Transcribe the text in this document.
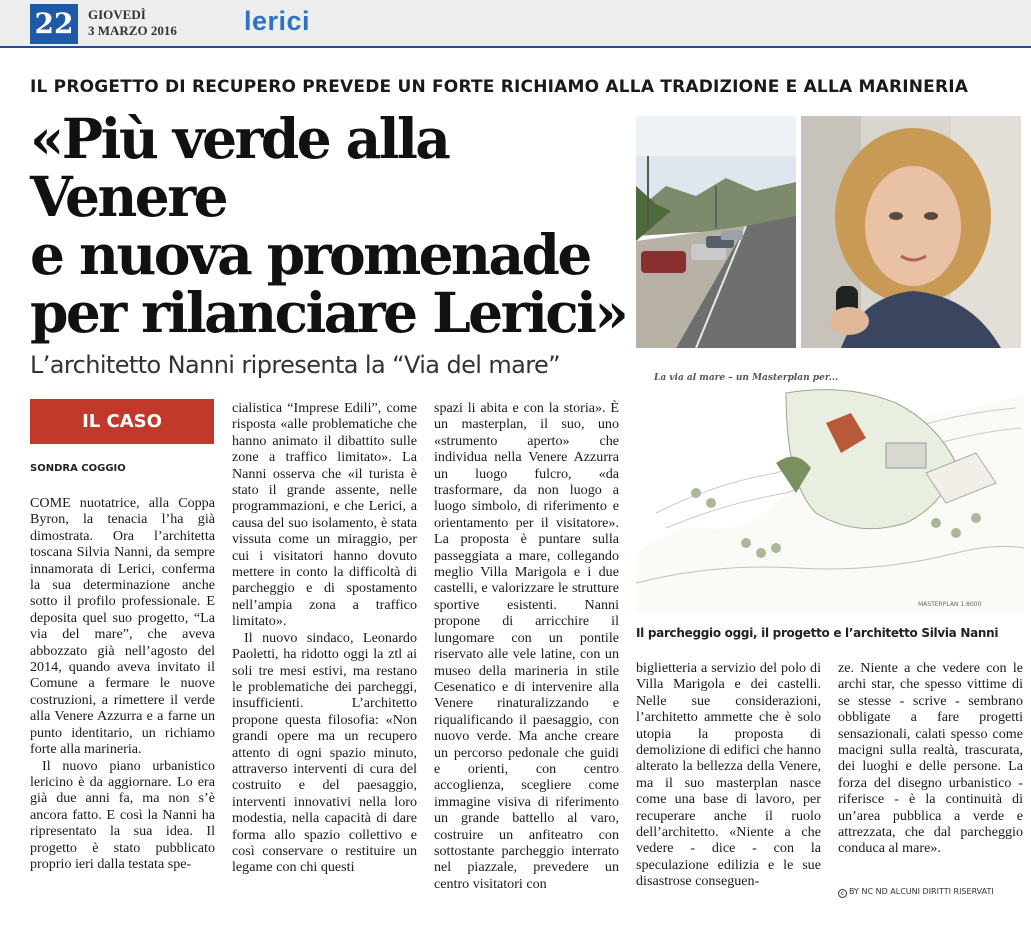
22	GIOVEDÌ
3 MARZO 2016 lerici
IL PROGETTO DI RECUPERO PREVEDE UN FORTE RICHIAMO ALLA TRADIZIONE E ALLA MARINERIA
«Più verde alla Venere
e nuova promenade
per rilanciare Lerici»
L’architetto Nanni ripresenta la “Via del mare”
IL CASO
SONDRA COGGIO

COME nuotatrice, alla Coppa Byron, la tenacia l’ha già dimostrata. Ora l’architetta toscana Silvia Nanni, da sempre innamorata di Lerici, conferma la sua determinazione anche sotto il profilo professionale. E deposita quel suo progetto, “La via del mare”, che aveva abbozzato già nell’agosto del 2014, quando aveva invitato il Comune a fermare le nuove costruzioni, a rimettere il verde alla Venere Azzurra e a farne un punto identitario, un richiamo forte alla marineria.

Il nuovo piano urbanistico lericino è da aggiornare. Lo era già due anni fa, ma non s’è ancora fatto. E così la Nanni ha ripresentato la sua idea. Il progetto è stato pubblicato proprio ieri dalla testata spe-

cialistica “Imprese Edili”, come risposta «alle problematiche che hanno animato il dibattito sulle zone a traffico limitato». La Nanni osserva che «il turista è stato il grande assente, nelle programmazioni, e che Lerici, a causa del suo isolamento, è stata vissuta come un miraggio, per cui i visitatori hanno dovuto mettere in conto la difficoltà di parcheggio e di spostamento nell’ampia zona a traffico limitato».

Il nuovo sindaco, Leonardo Paoletti, ha ridotto oggi la ztl ai soli tre mesi estivi, ma restano le problematiche dei parcheggi, insufficienti. L’architetto propone questa filosofia: «Non grandi opere ma un recupero attento di ogni spazio minuto, attraverso interventi di cura del costruito e del paesaggio, interventi innovativi nella loro modestia, nella capacità di dare forma allo spazio collettivo e così conservare o restituire un legame con chi questi

spazi li abita e con la storia». È un masterplan, il suo, uno «strumento aperto» che individua nella Venere Azzurra un luogo fulcro, «da trasformare, da non luogo a luogo simbolo, di riferimento e orientamento per il visitatore». La proposta è puntare sulla passeggiata a mare, collegando meglio Villa Marigola e i due castelli, e valorizzare le strutture sportive esistenti. Nanni propone di arricchire il lungomare con un pontile riservato alle vele latine, con un museo della marineria in stile Cesenatico e di intervenire alla Venere rinaturalizzando e riqualificando il paesaggio, con nuovo verde. Ma anche creare un percorso pedonale che guidi e orienti, con centro accoglienza, scegliere come immagine visiva di riferimento un grande battello al varo, costruire un anfiteatro con sottostante parcheggio interrato nel piazzale, prevedere un centro visitatori con

biglietteria a servizio del polo di Villa Marigola e dei castelli. Nelle sue considerazioni, l’architetto ammette che è solo utopia la proposta di demolizione di edifici che hanno alterato la bellezza della Venere, ma il suo masterplan nasce come una base di lavoro, per recuperare anche il ruolo dell’architetto. «Niente a che vedere - dice - con la speculazione edilizia e le sue disastrose conseguen-

ze. Niente a che vedere con le archi star, che spesso vittime di se stesse - scrive - sembrano obbligate a fare progetti sensazionali, calati spesso come macigni sulla realtà, trascurata, dei luoghi e delle persone. La forza del disegno urbanistico - riferisce - è la continuità di un’area pubblica a verde e attrezzata, che dal parcheggio conduca al mare».

La via al mare – un Masterplan per...
MASTERPLAN 1:8000
Il parcheggio oggi, il progetto e l’architetto Silvia Nanni
c BY NC ND ALCUNI DIRITTI RISERVATI
